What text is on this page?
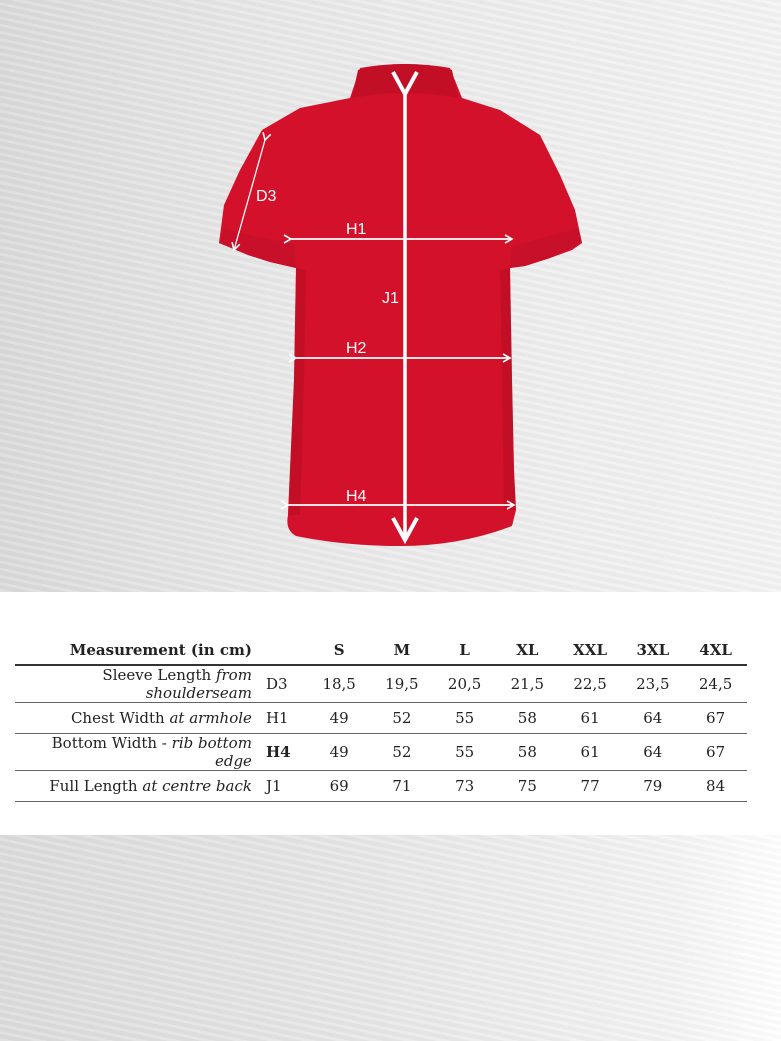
D3
H1
J1
H2
H4
Measurement (in cm)		S	M	L	XL	XXL	3XL	4XL
Sleeve Length from shoulderseam	D3	18,5	19,5	20,5	21,5	22,5	23,5	24,5
Chest Width at armhole	H1	49	52	55	58	61	64	67
Bottom Width - rib bottom edge	H4	49	52	55	58	61	64	67
Full Length at centre back	J1	69	71	73	75	77	79	84
